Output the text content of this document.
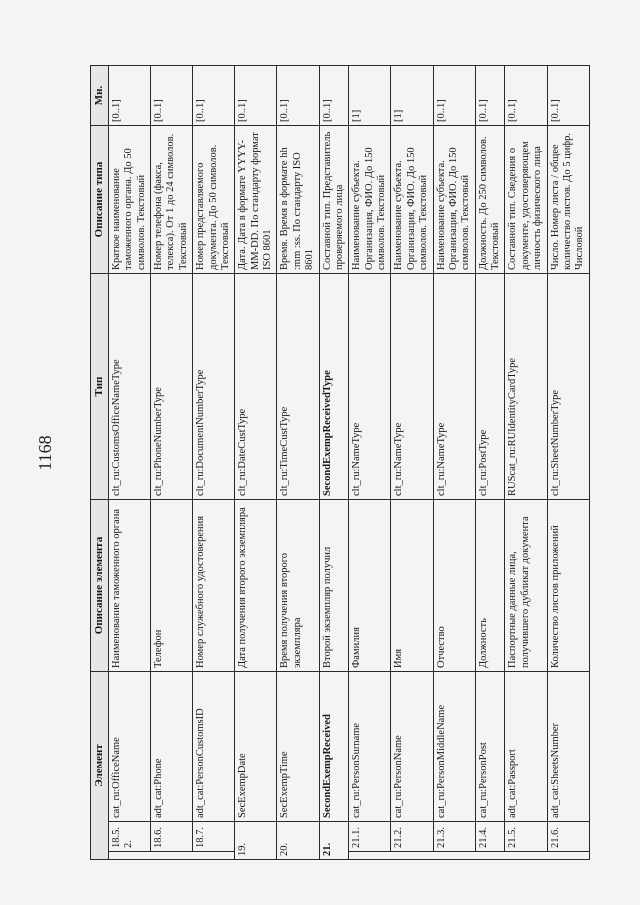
1168
Элемент			Описание элемента	Тип	Описание типа	Мн.
	18.5.2.	cat_ru:OfficeName	Наименование таможенного органа	clt_ru:CustomsOfficeNameType	Краткое наименование таможенного органа. До 50 символов. Текстовый	[0..1]
	18.6.	adt_cat:Phone	Телефон	clt_ru:PhoneNumberType	Номер телефона (факса, телекса). От 1 до 24 символов. Текстовый	[0..1]
	18.7.	adt_cat:PersonCustomsID	Номер служебного удостоверения	clt_ru:DocumentNumberType	Номер представляемого документа. До 50 символов. Текстовый	[0..1]
19.		SecExempDate	Дата получения второго экземпляра	clt_ru:DateCustType	Дата. Дата в формате YYYY-MM-DD. По стандарту формат ISO 8601	[0..1]
20.		SecExempTime	Время получения второго экземпляра	clt_ru:TimeCustType	Время. Время в формате hh :mm :ss. По стандарту ISO 8601	[0..1]
21.		SecondExempReceived	Второй экземпляр получил	SecondExempReceivedType	Составной тип. Представитель проверяемого лица	[0..1]
	21.1.	cat_ru:PersonSurname	Фамилия	clt_ru:NameType	Наименование субъекта. Организация, ФИО. До 150 символов. Текстовый	[1]
	21.2.	cat_ru:PersonName	Имя	clt_ru:NameType	Наименование субъекта. Организация, ФИО. До 150 символов. Текстовый	[1]
	21.3.	cat_ru:PersonMiddleName	Отчество	clt_ru:NameType	Наименование субъекта. Организация, ФИО. До 150 символов. Текстовый	[0..1]
	21.4.	cat_ru:PersonPost	Должность	clt_ru:PostType	Должность. До 250 символов. Текстовый	[0..1]
	21.5.	adt_cat:Passport	Паспортные данные лица, получившего дубликат документа	RUScat_ru:RUIdentityCardType	Составной тип. Сведения о документе, удостоверяющем личность физического лица	[0..1]
	21.6.	adt_cat:SheetsNumber	Количество листов приложений	clt_ru:SheetNumberType	Число. Номер листа / общее количество листов. До 5 цифр. Числовой	[0..1]
